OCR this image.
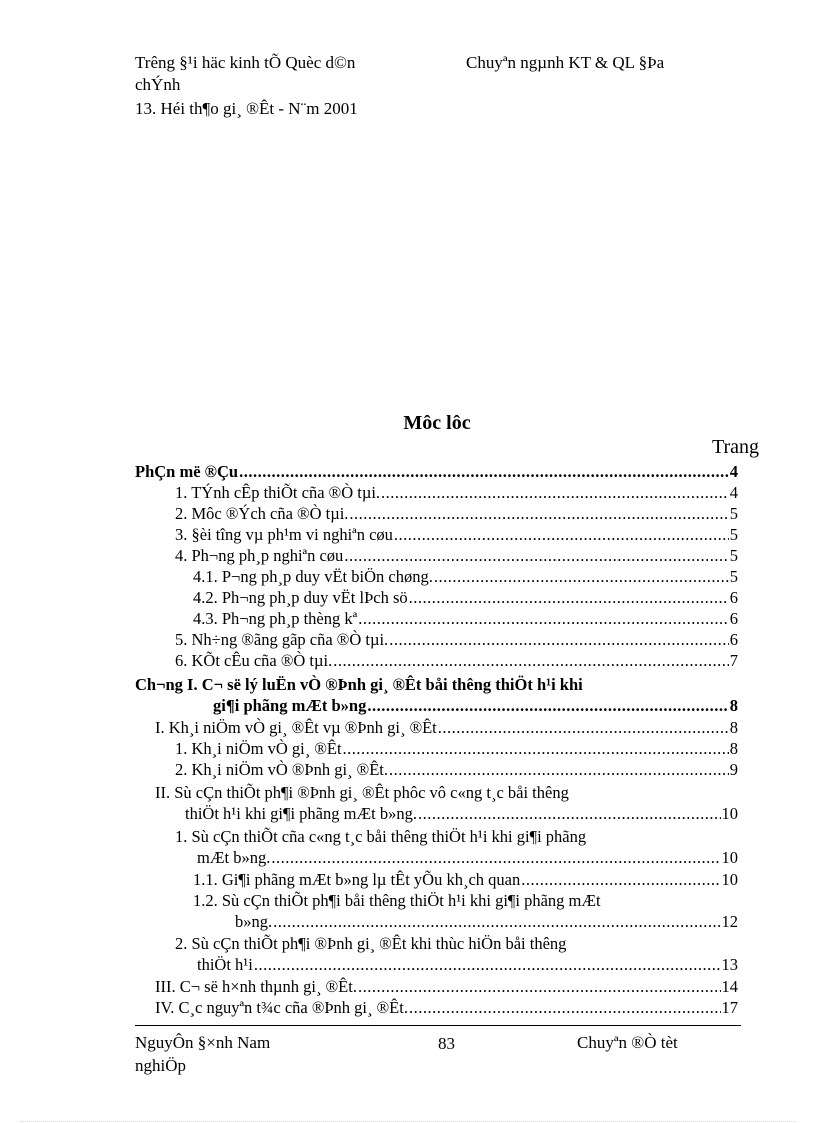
Trêng §¹i häc kinh tÕ Quèc d©n	Chuyªn ngµnh KT & QL §Þa
chÝnh
13. Héi th¶o gi¸ ®Êt - N¨m 2001
Môc lôc
Trang
PhÇn më ®Çu .....	4
1. TÝnh cÊp thiÕt cña ®Ò tµi. .....	4
2. Môc ®Ých cña ®Ò tµi. .....	5
3. §èi tîng vµ ph¹m vi nghiªn cøu .....	5
4. Ph¬ng ph¸p nghiªn cøu .....	5
4.1. P¬ng ph¸p duy vËt biÖn chøng. .....	5
4.2. Ph¬ng ph¸p duy vËt lÞch sö .....	6
4.3. Ph¬ng ph¸p thèng kª .....	6
5. Nh÷ng ®ãng gãp cña ®Ò tµi. .....	6
6. KÕt cÊu cña ®Ò tµi. .....	7
Ch¬ng I. C¬ së lý luËn vÒ ®Þnh gi¸ ®Êt båi thêng thiÖt h¹i khi
gi¶i phãng mÆt b»ng .....	8
I. Kh¸i niÖm vÒ gi¸ ®Êt vµ ®Þnh gi¸ ®Êt .....	8
1. Kh¸i niÖm vÒ gi¸ ®Êt .....	8
2. Kh¸i niÖm vÒ ®Þnh gi¸ ®Êt. .....	9
II. Sù cÇn thiÕt ph¶i ®Þnh gi¸ ®Êt phôc vô c«ng t¸c båi thêng
thiÖt h¹i khi gi¶i phãng mÆt b»ng. .....	10
1. Sù cÇn thiÕt cña c«ng t¸c båi thêng thiÖt h¹i khi gi¶i phãng
mÆt b»ng. .....	10
1.1. Gi¶i phãng mÆt b»ng lµ tÊt yÕu kh¸ch quan .....	10
1.2. Sù cÇn thiÕt ph¶i båi thêng thiÖt h¹i khi gi¶i phãng mÆt
b»ng. .....	12
2. Sù cÇn thiÕt ph¶i ®Þnh gi¸ ®Êt khi thùc hiÖn båi thêng
thiÖt h¹i .....	13
III. C¬ së h×nh thµnh gi¸ ®Êt. .....	14
IV. C¸c nguyªn t¾c cña ®Þnh gi¸ ®Êt. .....	17
NguyÔn §×nh Nam	83	Chuyªn ®Ò tèt
nghiÖp
